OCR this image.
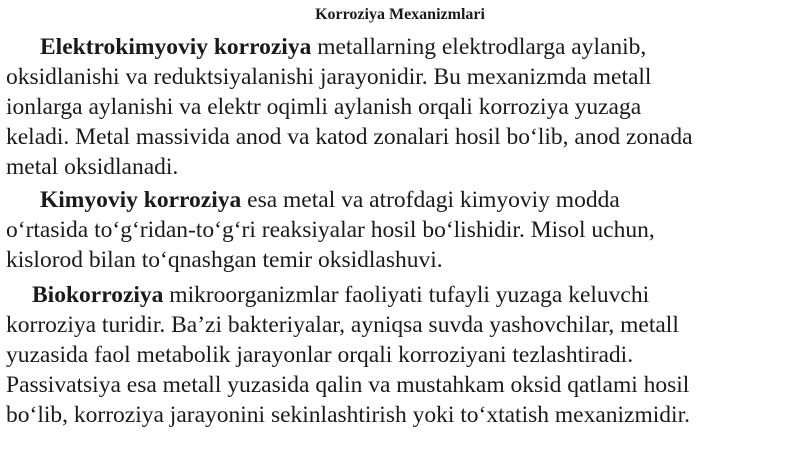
Korroziya Mexanizmlari

Elektrokimyoviy korroziya metallarning elektrodlarga aylanib,
oksidlanishi va reduktsiyalanishi jarayonidir. Bu mexanizmda metall
ionlarga aylanishi va elektr oqimli aylanish orqali korroziya yuzaga
keladi. Metal massivida anod va katod zonalari hosil bo‘lib, anod zonada
metal oksidlanadi.

Kimyoviy korroziya esa metal va atrofdagi kimyoviy modda
o‘rtasida to‘g‘ridan-to‘g‘ri reaksiyalar hosil bo‘lishidir. Misol uchun,
kislorod bilan to‘qnashgan temir oksidlashuvi.

Biokorroziya mikroorganizmlar faoliyati tufayli yuzaga keluvchi
korroziya turidir. Ba’zi bakteriyalar, ayniqsa suvda yashovchilar, metall
yuzasida faol metabolik jarayonlar orqali korroziyani tezlashtiradi.
Passivatsiya esa metall yuzasida qalin va mustahkam oksid qatlami hosil
bo‘lib, korroziya jarayonini sekinlashtirish yoki to‘xtatish mexanizmidir.
